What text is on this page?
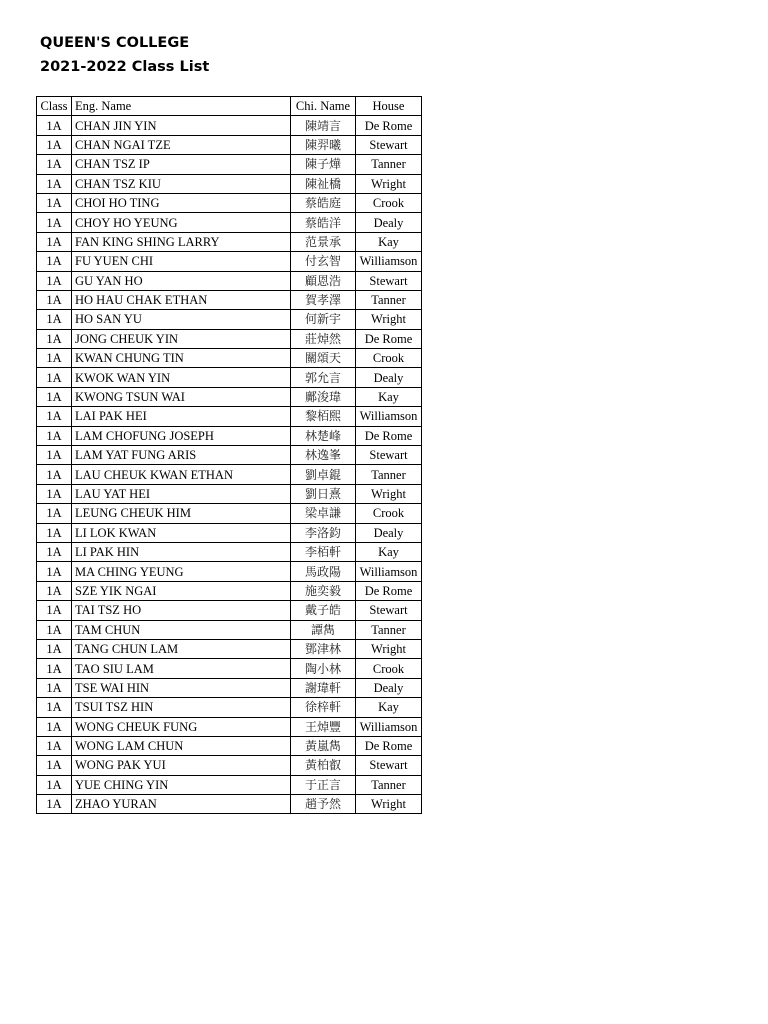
QUEEN'S COLLEGE
2021-2022 Class List
Class	Eng. Name	Chi. Name	House
1A	CHAN JIN YIN	陳靖言	De Rome
1A	CHAN NGAI TZE	陳羿曦	Stewart
1A	CHAN TSZ IP	陳子燁	Tanner
1A	CHAN TSZ KIU	陳祉橋	Wright
1A	CHOI HO TING	蔡皓庭	Crook
1A	CHOY HO YEUNG	蔡皓洋	Dealy
1A	FAN KING SHING LARRY	范景承	Kay
1A	FU YUEN CHI	付玄智	Williamson
1A	GU YAN HO	顧恩浩	Stewart
1A	HO HAU CHAK ETHAN	賀孝澤	Tanner
1A	HO SAN YU	何新宇	Wright
1A	JONG CHEUK YIN	莊焯然	De Rome
1A	KWAN CHUNG TIN	關頌天	Crook
1A	KWOK WAN YIN	郭允言	Dealy
1A	KWONG TSUN WAI	鄺浚瑋	Kay
1A	LAI PAK HEI	黎栢熙	Williamson
1A	LAM CHOFUNG JOSEPH	林楚峰	De Rome
1A	LAM YAT FUNG ARIS	林逸峯	Stewart
1A	LAU CHEUK KWAN ETHAN	劉卓錕	Tanner
1A	LAU YAT HEI	劉日熹	Wright
1A	LEUNG CHEUK HIM	梁卓謙	Crook
1A	LI LOK KWAN	李洛鈞	Dealy
1A	LI PAK HIN	李栢軒	Kay
1A	MA CHING YEUNG	馬政陽	Williamson
1A	SZE YIK NGAI	施奕毅	De Rome
1A	TAI TSZ HO	戴子皓	Stewart
1A	TAM CHUN	譚雋	Tanner
1A	TANG CHUN LAM	鄧津林	Wright
1A	TAO SIU LAM	陶小林	Crook
1A	TSE WAI HIN	謝瑋軒	Dealy
1A	TSUI TSZ HIN	徐梓軒	Kay
1A	WONG CHEUK FUNG	王焯豐	Williamson
1A	WONG LAM CHUN	黃嵐雋	De Rome
1A	WONG PAK YUI	黃柏叡	Stewart
1A	YUE CHING YIN	于正言	Tanner
1A	ZHAO YURAN	趙予然	Wright
